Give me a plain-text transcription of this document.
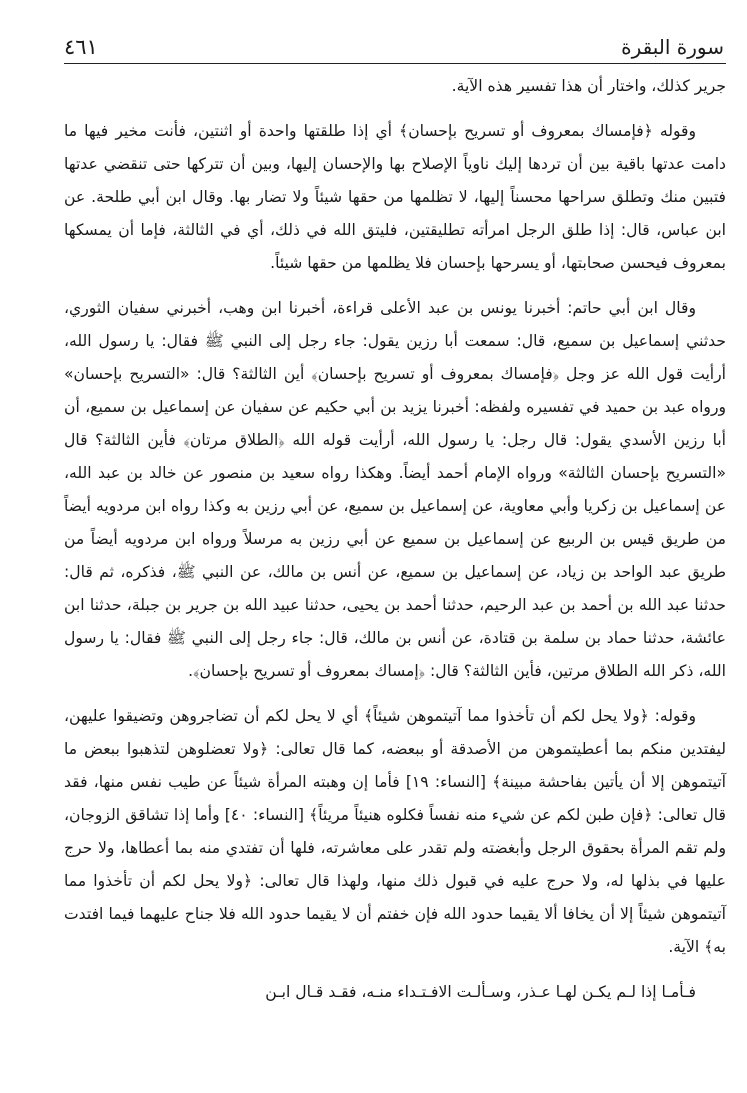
٤٦١	سورة البقرة

جرير كذلك، واختار أن هذا تفسير هذه الآية.

وقوله ﴿فإمساك بمعروف أو تسريح بإحسان﴾ أي إذا طلقتها واحدة أو اثنتين، فأنت مخير فيها ما دامت عدتها باقية بين أن تردها إليك ناوياً الإصلاح بها والإحسان إليها، وبين أن تتركها حتى تنقضي عدتها فتبين منك وتطلق سراحها محسناً إليها، لا تظلمها من حقها شيئاً ولا تضار بها. وقال ابن أبي طلحة. عن ابن عباس، قال: إذا طلق الرجل امرأته تطليقتين، فليتق الله في ذلك، أي في الثالثة، فإما أن يمسكها بمعروف فيحسن صحابتها، أو يسرحها بإحسان فلا يظلمها من حقها شيئاً.

وقال ابن أبي حاتم: أخبرنا يونس بن عبد الأعلى قراءة، أخبرنا ابن وهب، أخبرني سفيان الثوري، حدثني إسماعيل بن سميع، قال: سمعت أبا رزين يقول: جاء رجل إلى النبي ﷺ فقال: يا رسول الله، أرأيت قول الله عز وجل ﴿فإمساك بمعروف أو تسريح بإحسان﴾ أين الثالثة؟ قال: «التسريح بإحسان» ورواه عبد بن حميد في تفسيره ولفظه: أخبرنا يزيد بن أبي حكيم عن سفيان عن إسماعيل بن سميع، أن أبا رزين الأسدي يقول: قال رجل: يا رسول الله، أرأيت قوله الله ﴿الطلاق مرتان﴾ فأين الثالثة؟ قال «التسريح بإحسان الثالثة» ورواه الإمام أحمد أيضاً. وهكذا رواه سعيد بن منصور عن خالد بن عبد الله، عن إسماعيل بن زكريا وأبي معاوية، عن إسماعيل بن سميع، عن أبي رزين به وكذا رواه ابن مردويه أيضاً من طريق قيس بن الربيع عن إسماعيل بن سميع عن أبي رزين به مرسلاً ورواه ابن مردويه أيضاً من طريق عبد الواحد بن زياد، عن إسماعيل بن سميع، عن أنس بن مالك، عن النبي ﷺ، فذكره، ثم قال: حدثنا عبد الله بن أحمد بن عبد الرحيم، حدثنا أحمد بن يحيى، حدثنا عبيد الله بن جرير بن جبلة، حدثنا ابن عائشة، حدثنا حماد بن سلمة بن قتادة، عن أنس بن مالك، قال: جاء رجل إلى النبي ﷺ فقال: يا رسول الله، ذكر الله الطلاق مرتين، فأين الثالثة؟ قال: ﴿إمساك بمعروف أو تسريح بإحسان﴾.

وقوله: ﴿ولا يحل لكم أن تأخذوا مما آتيتموهن شيئاً﴾ أي لا يحل لكم أن تضاجروهن وتضيقوا عليهن، ليفتدين منكم بما أعطيتموهن من الأصدقة أو ببعضه، كما قال تعالى: ﴿ولا تعضلوهن لتذهبوا ببعض ما آتيتموهن إلا أن يأتين بفاحشة مبينة﴾ [النساء: ١٩] فأما إن وهبته المرأة شيئاً عن طيب نفس منها، فقد قال تعالى: ﴿فإن طبن لكم عن شيء منه نفساً فكلوه هنيئاً مريئاً﴾ [النساء: ٤٠] وأما إذا تشاقق الزوجان، ولم تقم المرأة بحقوق الرجل وأبغضته ولم تقدر على معاشرته، فلها أن تفتدي منه بما أعطاها، ولا حرج عليها في بذلها له، ولا حرج عليه في قبول ذلك منها، ولهذا قال تعالى: ﴿ولا يحل لكم أن تأخذوا مما آتيتموهن شيئاً إلا أن يخافا ألا يقيما حدود الله فإن خفتم أن لا يقيما حدود الله فلا جناح عليهما فيما افتدت به﴾ الآية.

فـأمـا إذا لـم يكـن لهـا عـذر، وسـألـت الافـتـداء منـه، فقـد قـال ابـن
